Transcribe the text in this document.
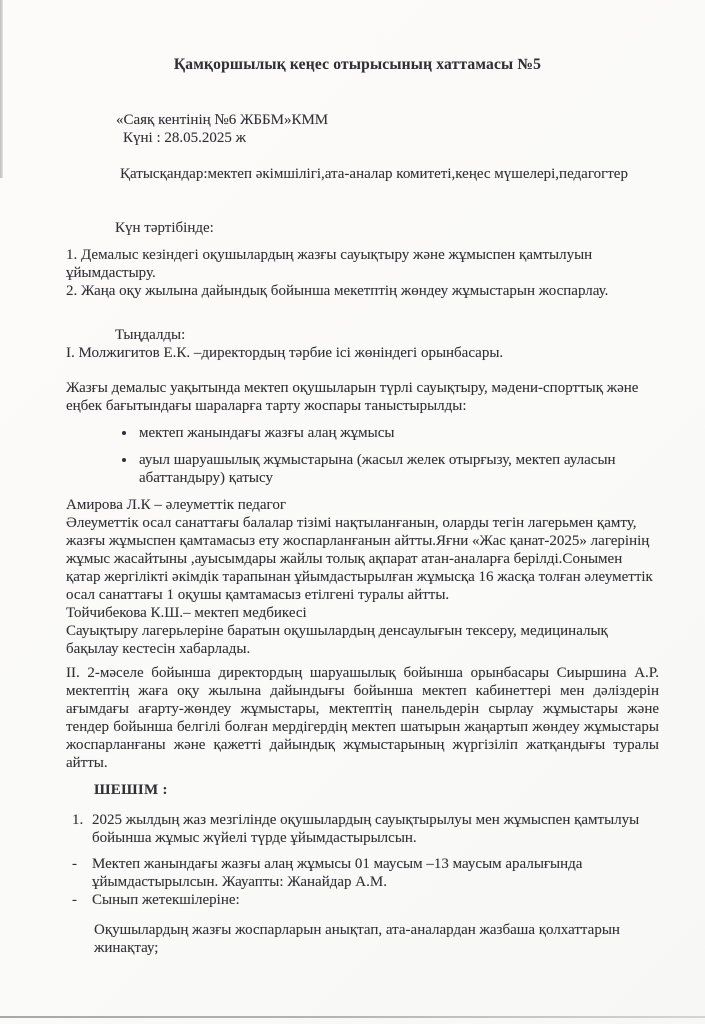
Қамқоршылық кеңес отырысының хаттамасы №5
«Саяқ кентінің №6 ЖББМ»КММ
Күні : 28.05.2025 ж
Қатысқандар:мектеп әкімшілігі,ата-аналар комитеті,кеңес мүшелері,педагогтер
Күн тәртібінде:

1. Демалыс кезіндегі оқушылардың жазғы сауықтыру және жұмыспен қамтылуын ұйымдастыру.

2. Жаңа оқу жылына дайындық бойынша мекетптің жөндеу жұмыстарын жоспарлау.

Тыңдалды:

І. Молжигитов Е.К. –директордың тәрбие ісі жөніндегі орынбасары.

Жазғы демалыс уақытында мектеп оқушыларын түрлі сауықтыру, мәдени-спорттық және еңбек бағытындағы шараларға тарту жоспары таныстырылды:

• мектеп жанындағы жазғы алаң жұмысы
• ауыл шаруашылық жұмыстарына (жасыл желек отырғызу, мектеп ауласын абаттандыру) қатысу

Амирова Л.К – әлеуметтік педагог

Әлеуметтік осал санаттағы балалар тізімі нақтыланғанын, оларды тегін лагерьмен қамту, жазғы жұмыспен қамтамасыз ету жоспарланғанын айтты.Яғни «Жас қанат-2025» лагерінің жұмыс жасайтыны ,ауысымдары жайлы толық ақпарат атан-аналарға берілді.Сонымен қатар жергілікті әкімдік тарапынан ұйымдастырылған жұмысқа 16 жасқа толған әлеуметтік осал санаттағы 1 оқушы қамтамасыз етілгені туралы айтты.

Тойчибекова К.Ш.– мектеп медбикесі

Сауықтыру лагерьлеріне баратын оқушылардың денсаулығын тексеру, медициналық бақылау кестесін хабарлады.

ІІ. 2-мәселе бойынша директордың шаруашылық бойынша орынбасары Сиыршина А.Р. мектептің жаға оқу жылына дайындығы бойынша мектеп кабинеттері мен дәліздерін ағымдағы ағарту-жөндеу жұмыстары, мектептің панельдерін сырлау жұмыстары және тендер бойынша белгілі болған мердігердің мектеп шатырын жаңартып жөндеу жұмыстары жоспарланғаны және қажетті дайындық жұмыстарының жүргізіліп жатқандығы туралы айтты.

ШЕШІМ :
1. 2025 жылдың жаз мезгілінде оқушылардың сауықтырылуы мен жұмыспен қамтылуы бойынша жұмыс жүйелі түрде ұйымдастырылсын.
-	Мектеп жанындағы жазғы алаң жұмысы 01 маусым –13 маусым аралығында ұйымдастырылсын. Жауапты: Жанайдар А.М.
-	Сынып жетекшілеріне:

Оқушылардың жазғы жоспарларын анықтап, ата-аналардан жазбаша қолхаттарын жинақтау;
